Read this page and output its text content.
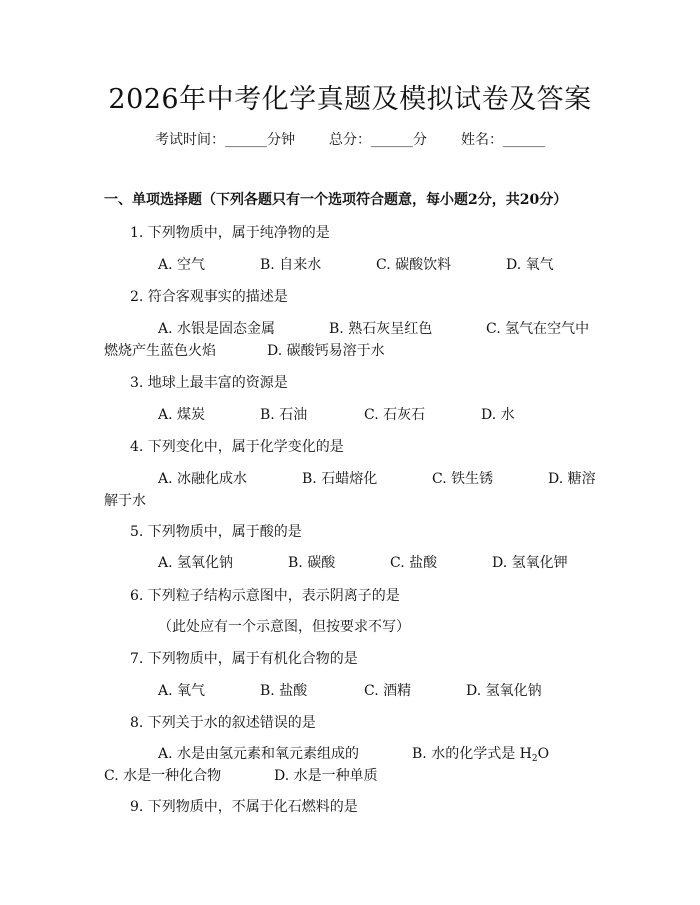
2026年中考化学真题及模拟试卷及答案
考试时间：______分钟 总分：______分 姓名：______
一、单项选择题（下列各题只有一个选项符合题意，每小题2分，共20分）
1. 下列物质中，属于纯净物的是
A. 空气	B. 自来水	C. 碳酸饮料	D. 氧气
2. 符合客观事实的描述是
A. 水银是固态金属	B. 熟石灰呈红色	C. 氢气在空气中
燃烧产生蓝色火焰	D. 碳酸钙易溶于水
3. 地球上最丰富的资源是
A. 煤炭	B. 石油	C. 石灰石	D. 水
4. 下列变化中，属于化学变化的是
A. 冰融化成水	B. 石蜡熔化	C. 铁生锈	D. 糖溶
解于水
5. 下列物质中，属于酸的是
A. 氢氧化钠	B. 碳酸	C. 盐酸	D. 氢氧化钾
6. 下列粒子结构示意图中，表示阴离子的是
（此处应有一个示意图，但按要求不写）
7. 下列物质中，属于有机化合物的是
A. 氧气	B. 盐酸	C. 酒精	D. 氢氧化钠
8. 下列关于水的叙述错误的是
A. 水是由氢元素和氧元素组成的	B. 水的化学式是 $H_2O$
C. 水是一种化合物	D. 水是一种单质
9. 下列物质中，不属于化石燃料的是
